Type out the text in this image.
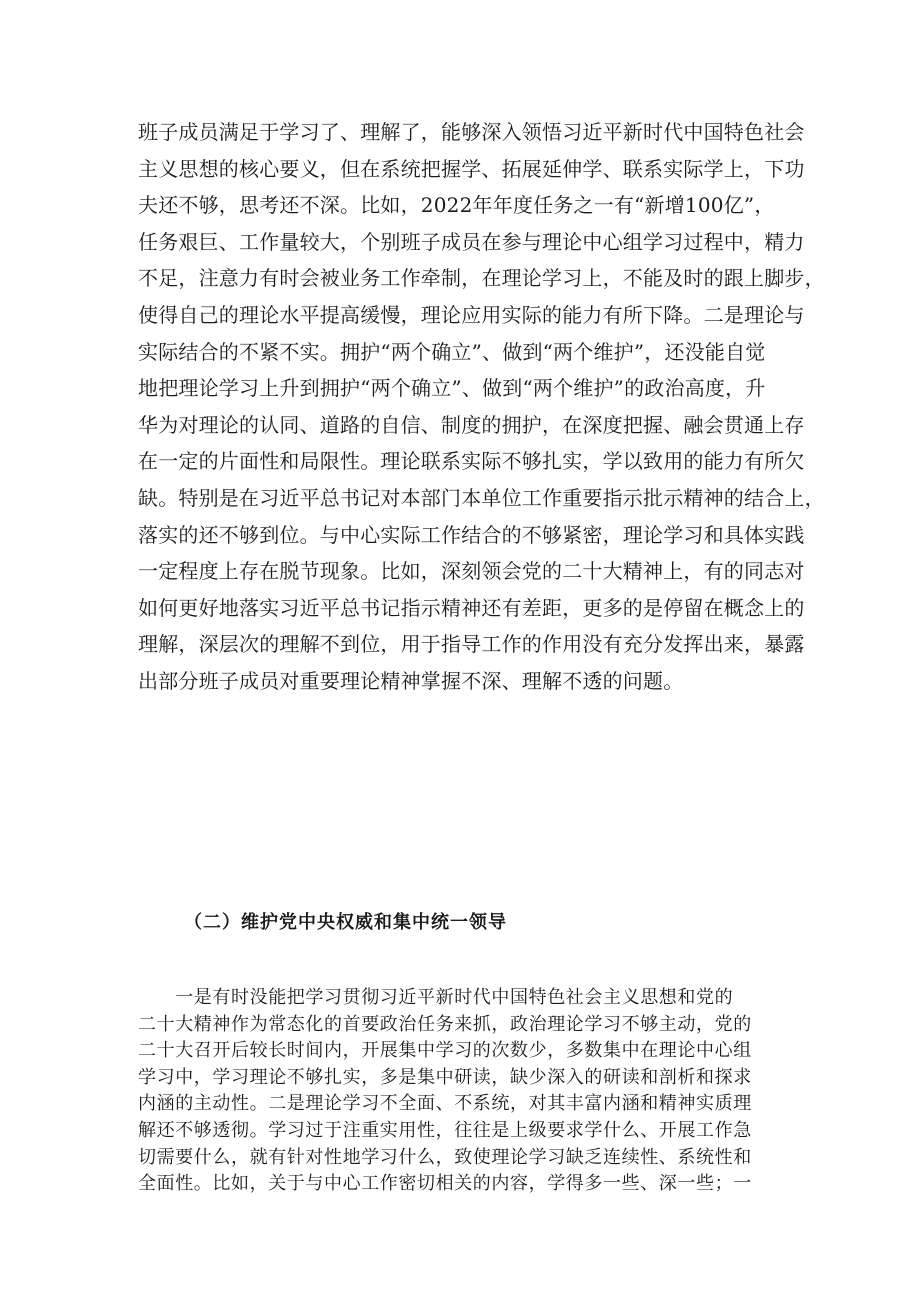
班子成员满足于学习了、理解了，能够深入领悟习近平新时代中国特色社会
主义思想的核心要义，但在系统把握学、拓展延伸学、联系实际学上，下功
夫还不够，思考还不深。比如，2022年年度任务之一有“新增100亿”，
任务艰巨、工作量较大，个别班子成员在参与理论中心组学习过程中，精力
不足，注意力有时会被业务工作牵制，在理论学习上，不能及时的跟上脚步，
使得自己的理论水平提高缓慢，理论应用实际的能力有所下降。二是理论与
实际结合的不紧不实。拥护“两个确立”、做到“两个维护”，还没能自觉
地把理论学习上升到拥护“两个确立”、做到“两个维护”的政治高度，升
华为对理论的认同、道路的自信、制度的拥护，在深度把握、融会贯通上存
在一定的片面性和局限性。理论联系实际不够扎实，学以致用的能力有所欠
缺。特别是在习近平总书记对本部门本单位工作重要指示批示精神的结合上，
落实的还不够到位。与中心实际工作结合的不够紧密，理论学习和具体实践
一定程度上存在脱节现象。比如，深刻领会党的二十大精神上，有的同志对
如何更好地落实习近平总书记指示精神还有差距，更多的是停留在概念上的
理解，深层次的理解不到位，用于指导工作的作用没有充分发挥出来，暴露
出部分班子成员对重要理论精神掌握不深、理解不透的问题。
（二）维护党中央权威和集中统一领导
　　一是有时没能把学习贯彻习近平新时代中国特色社会主义思想和党的
二十大精神作为常态化的首要政治任务来抓，政治理论学习不够主动，党的
二十大召开后较长时间内，开展集中学习的次数少，多数集中在理论中心组
学习中，学习理论不够扎实，多是集中研读，缺少深入的研读和剖析和探求
内涵的主动性。二是理论学习不全面、不系统，对其丰富内涵和精神实质理
解还不够透彻。学习过于注重实用性，往往是上级要求学什么、开展工作急
切需要什么，就有针对性地学习什么，致使理论学习缺乏连续性、系统性和
全面性。比如，关于与中心工作密切相关的内容，学得多一些、深一些；一
